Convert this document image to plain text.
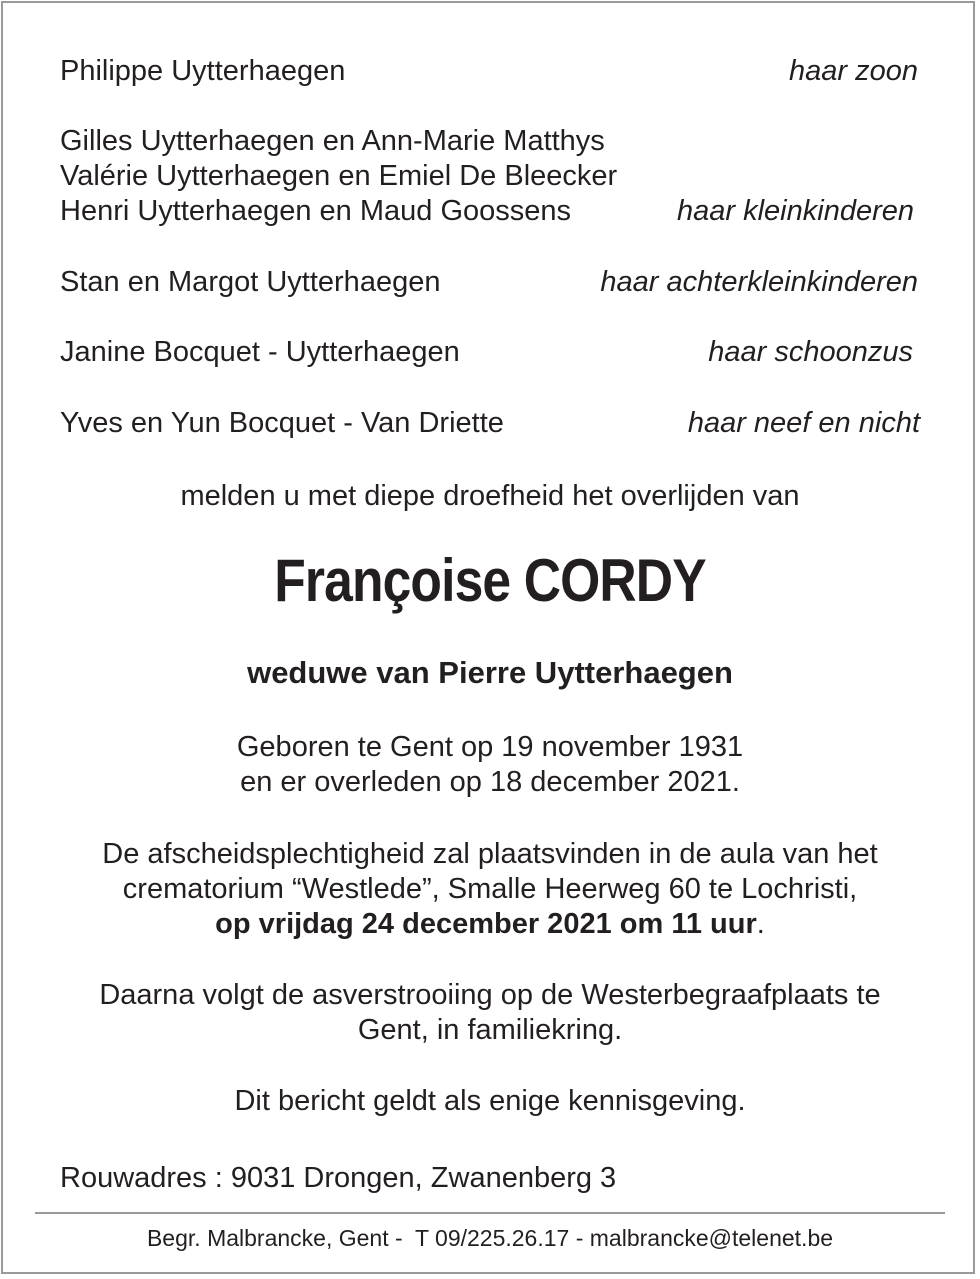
Philippe Uytterhaegen	haar zoon
Gilles Uytterhaegen en Ann-Marie Matthys
Valérie Uytterhaegen en Emiel De Bleecker
Henri Uytterhaegen en Maud Goossens	haar kleinkinderen
Stan en Margot Uytterhaegen	haar achterkleinkinderen
Janine Bocquet - Uytterhaegen	haar schoonzus
Yves en Yun Bocquet - Van Driette	haar neef en nicht
melden u met diepe droefheid het overlijden van
Françoise CORDY
weduwe van Pierre Uytterhaegen
Geboren te Gent op 19 november 1931
en er overleden op 18 december 2021.
De afscheidsplechtigheid zal plaatsvinden in de aula van het
crematorium “Westlede”, Smalle Heerweg 60 te Lochristi,
op vrijdag 24 december 2021 om 11 uur.
Daarna volgt de asverstrooiing op de Westerbegraafplaats te
Gent, in familiekring.
Dit bericht geldt als enige kennisgeving.
Rouwadres : 9031 Drongen, Zwanenberg 3
Begr. Malbrancke, Gent -  T 09/225.26.17 - malbrancke@telenet.be
